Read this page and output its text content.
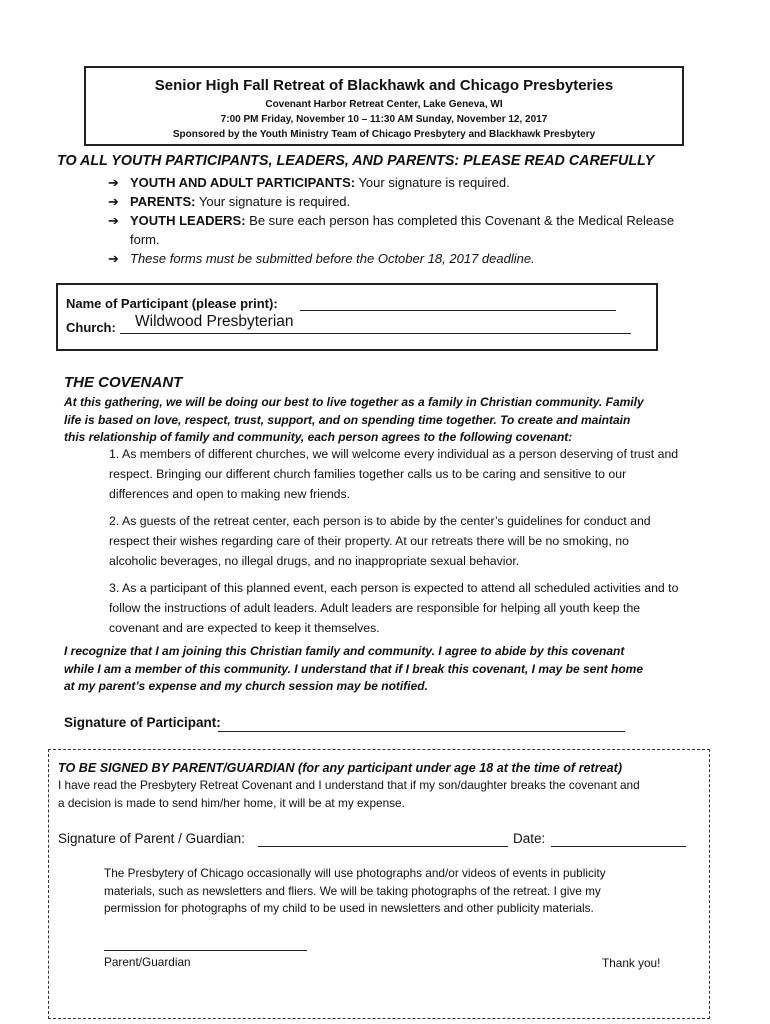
Senior High Fall Retreat of Blackhawk and Chicago Presbyteries
Covenant Harbor Retreat Center, Lake Geneva, WI
7:00 PM Friday, November 10 – 11:30 AM Sunday, November 12, 2017
Sponsored by the Youth Ministry Team of Chicago Presbytery and Blackhawk Presbytery
TO ALL YOUTH PARTICIPANTS, LEADERS, AND PARENTS: PLEASE READ CAREFULLY
➔ YOUTH AND ADULT PARTICIPANTS: Your signature is required.
➔ PARENTS: Your signature is required.
➔ YOUTH LEADERS: Be sure each person has completed this Covenant & the Medical Release
form.
➔ These forms must be submitted before the October 18, 2017 deadline.
Name of Participant (please print):
Church: Wildwood Presbyterian
THE COVENANT
At this gathering, we will be doing our best to live together as a family in Christian community. Family
life is based on love, respect, trust, support, and on spending time together. To create and maintain
this relationship of family and community, each person agrees to the following covenant:
1. As members of different churches, we will welcome every individual as a person deserving of trust and
respect. Bringing our different church families together calls us to be caring and sensitive to our
differences and open to making new friends.
2. As guests of the retreat center, each person is to abide by the center’s guidelines for conduct and
respect their wishes regarding care of their property. At our retreats there will be no smoking, no
alcoholic beverages, no illegal drugs, and no inappropriate sexual behavior.
3. As a participant of this planned event, each person is expected to attend all scheduled activities and to
follow the instructions of adult leaders. Adult leaders are responsible for helping all youth keep the
covenant and are expected to keep it themselves.
I recognize that I am joining this Christian family and community. I agree to abide by this covenant
while I am a member of this community. I understand that if I break this covenant, I may be sent home
at my parent’s expense and my church session may be notified.
Signature of Participant:
TO BE SIGNED BY PARENT/GUARDIAN (for any participant under age 18 at the time of retreat)
I have read the Presbytery Retreat Covenant and I understand that if my son/daughter breaks the covenant and
a decision is made to send him/her home, it will be at my expense.
Signature of Parent / Guardian:	Date:
The Presbytery of Chicago occasionally will use photographs and/or videos of events in publicity
materials, such as newsletters and fliers. We will be taking photographs of the retreat. I give my
permission for photographs of my child to be used in newsletters and other publicity materials.
Parent/Guardian	Thank you!
